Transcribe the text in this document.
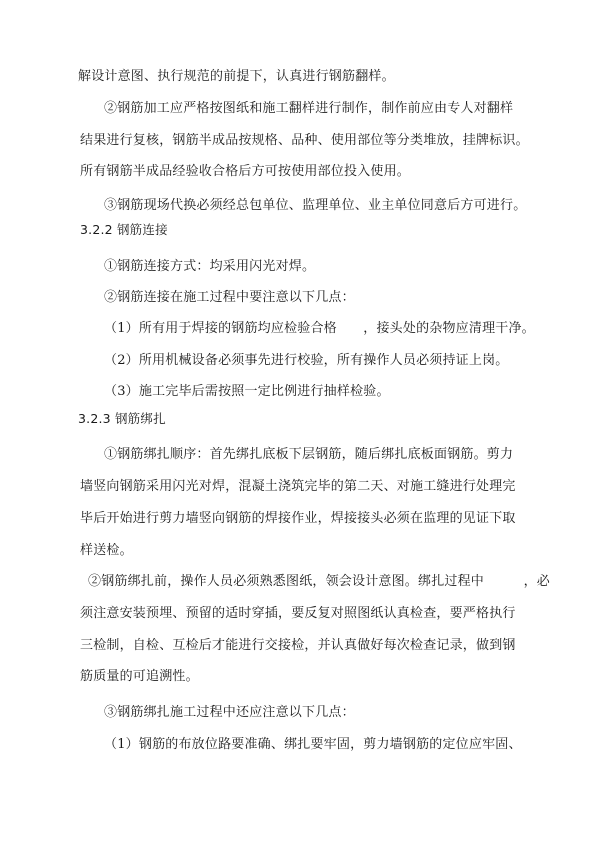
解设计意图、执行规范的前提下，认真进行钢筋翻样。
②钢筋加工应严格按图纸和施工翻样进行制作，制作前应由专人对翻样
结果进行复核，钢筋半成品按规格、品种、使用部位等分类堆放，挂牌标识。
所有钢筋半成品经验收合格后方可按使用部位投入使用。
③钢筋现场代换必须经总包单位、监理单位、业主单位同意后方可进行。
3.2.2 钢筋连接
①钢筋连接方式：均采用闪光对焊。
②钢筋连接在施工过程中要注意以下几点：
（1）所有用于焊接的钢筋均应检验合格　　，接头处的杂物应清理干净。
（2）所用机械设备必须事先进行校验，所有操作人员必须持证上岗。
（3）施工完毕后需按照一定比例进行抽样检验。
3.2.3 钢筋绑扎
①钢筋绑扎顺序：首先绑扎底板下层钢筋，随后绑扎底板面钢筋。剪力
墙竖向钢筋采用闪光对焊，混凝土浇筑完毕的第二天、对施工缝进行处理完
毕后开始进行剪力墙竖向钢筋的焊接作业，焊接接头必须在监理的见证下取
样送检。
②钢筋绑扎前，操作人员必须熟悉图纸，领会设计意图。绑扎过程中　　　，必
须注意安装预埋、预留的适时穿插，要反复对照图纸认真检查，要严格执行
三检制，自检、互检后才能进行交接检，并认真做好每次检查记录，做到钢
筋质量的可追溯性。
③钢筋绑扎施工过程中还应注意以下几点：
（1）钢筋的布放位路要准确、绑扎要牢固，剪力墙钢筋的定位应牢固、
